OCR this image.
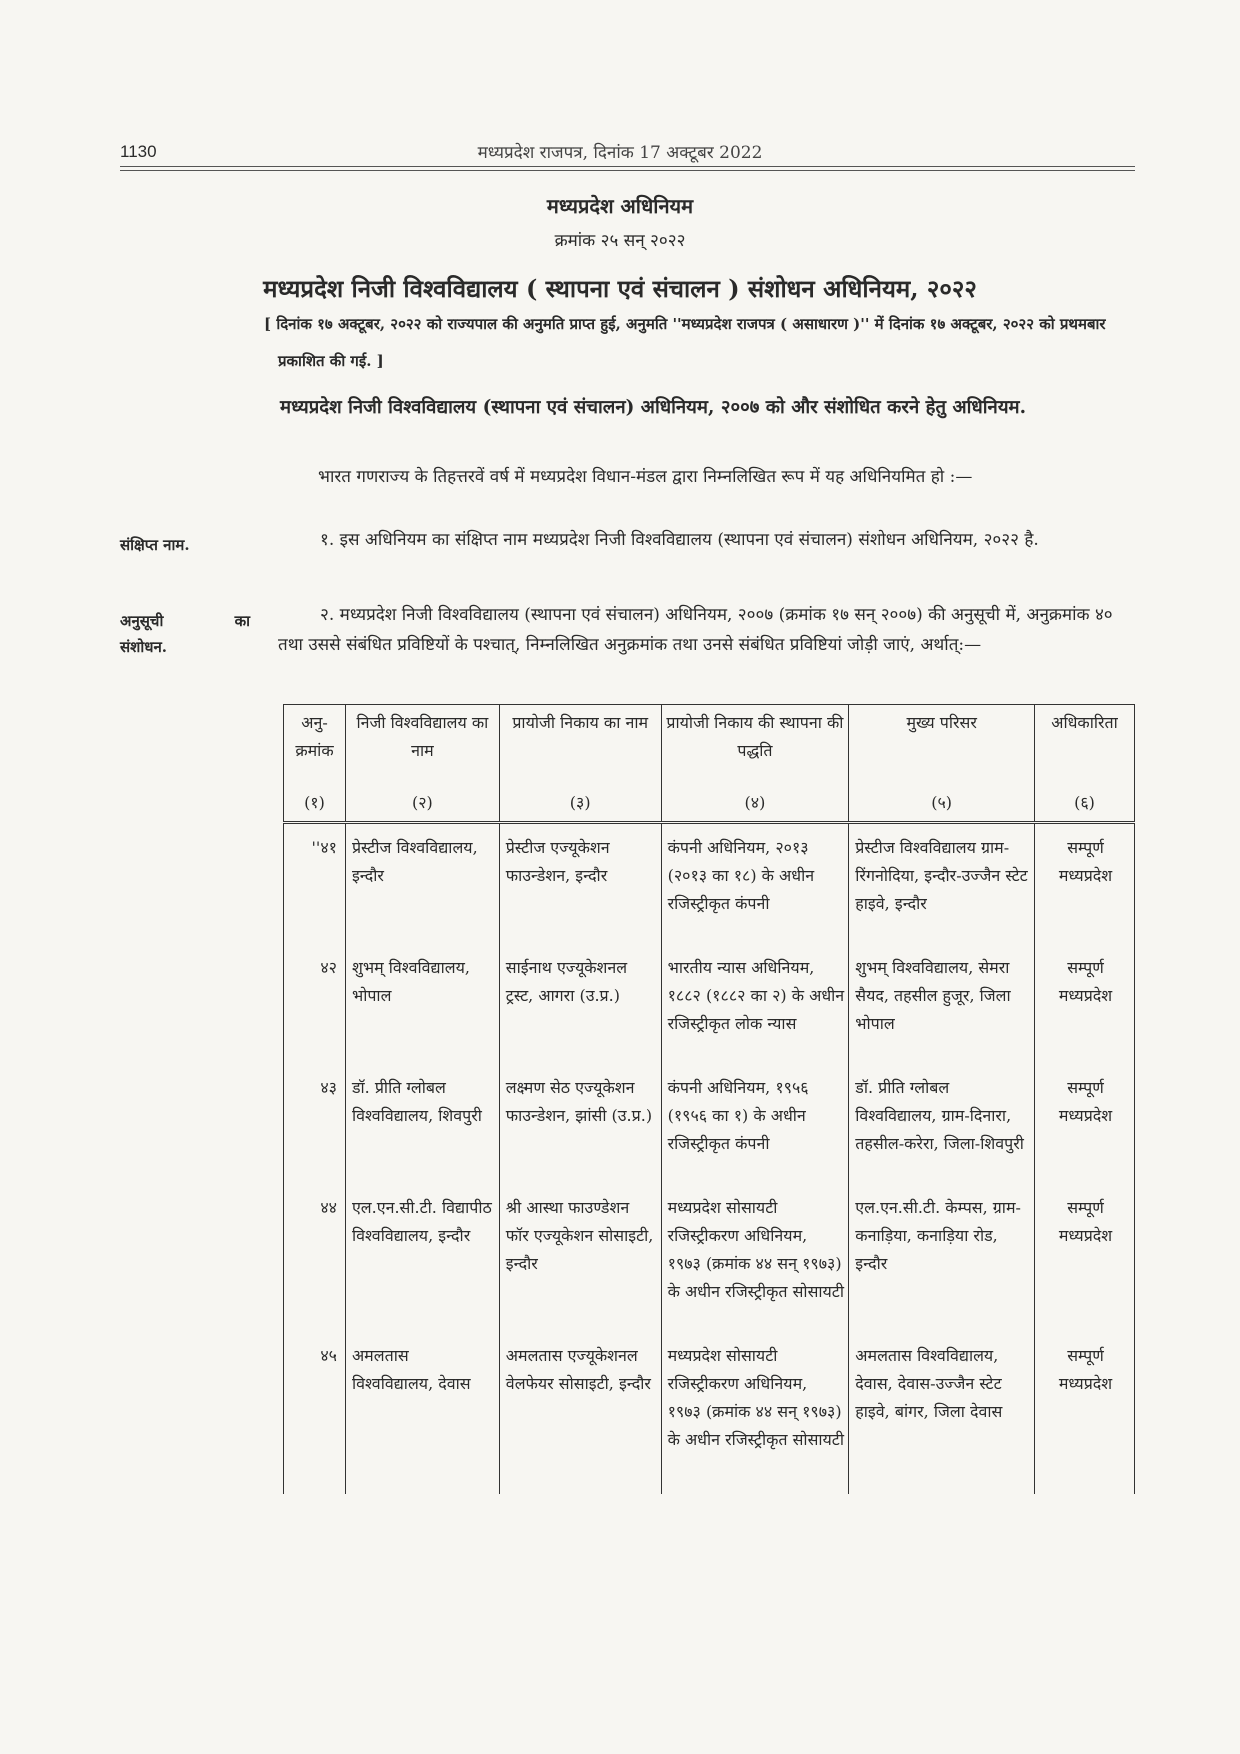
1130	मध्यप्रदेश राजपत्र, दिनांक 17 अक्टूबर 2022
मध्यप्रदेश अधिनियम
क्रमांक २५ सन् २०२२
मध्यप्रदेश निजी विश्वविद्यालय ( स्थापना एवं संचालन ) संशोधन अधिनियम, २०२२
[ दिनांक १७ अक्टूबर, २०२२ को राज्यपाल की अनुमति प्राप्त हुई, अनुमति ''मध्यप्रदेश राजपत्र ( असाधारण )'' में दिनांक १७ अक्टूबर, २०२२ को प्रथमबार प्रकाशित की गई. ]
मध्यप्रदेश निजी विश्वविद्यालय (स्थापना एवं संचालन) अधिनियम, २००७ को और संशोधित करने हेतु अधिनियम.
भारत गणराज्य के तिहत्तरवें वर्ष में मध्यप्रदेश विधान-मंडल द्वारा निम्नलिखित रूप में यह अधिनियमित हो :—
संक्षिप्त नाम.	१. इस अधिनियम का संक्षिप्त नाम मध्यप्रदेश निजी विश्वविद्यालय (स्थापना एवं संचालन) संशोधन अधिनियम, २०२२ है.
अनुसूची	का
संशोधन.
२. मध्यप्रदेश निजी विश्वविद्यालय (स्थापना एवं संचालन) अधिनियम, २००७ (क्रमांक १७ सन् २००७) की अनुसूची में, अनुक्रमांक ४० तथा उससे संबंधित प्रविष्टियों के पश्चात्, निम्नलिखित अनुक्रमांक तथा उनसे संबंधित प्रविष्टियां जोड़ी जाएं, अर्थात्:—
अनु-क्रमांक	निजी विश्वविद्यालय का नाम	प्रायोजी निकाय का नाम	प्रायोजी निकाय की स्थापना की पद्धति	मुख्य परिसर	अधिकारिता
(१)	(२)	(३)	(४)	(५)	(६)
''४१	प्रेस्टीज विश्वविद्यालय, इन्दौर	प्रेस्टीज एज्यूकेशन फाउन्डेशन, इन्दौर	कंपनी अधिनियम, २०१३ (२०१३ का १८) के अधीन रजिस्ट्रीकृत कंपनी	प्रेस्टीज विश्वविद्यालय ग्राम- रिंगनोदिया, इन्दौर-उज्जैन स्टेट हाइवे, इन्दौर	सम्पूर्ण मध्यप्रदेश
४२	शुभम् विश्वविद्यालय, भोपाल	साईनाथ एज्यूकेशनल ट्रस्ट, आगरा (उ.प्र.)	भारतीय न्यास अधिनियम, १८८२ (१८८२ का २) के अधीन रजिस्ट्रीकृत लोक न्यास	शुभम् विश्वविद्यालय, सेमरा सैयद, तहसील हुजूर, जिला भोपाल	सम्पूर्ण मध्यप्रदेश
४३	डॉ. प्रीति ग्लोबल विश्वविद्यालय, शिवपुरी	लक्ष्मण सेठ एज्यूकेशन फाउन्डेशन, झांसी (उ.प्र.)	कंपनी अधिनियम, १९५६ (१९५६ का १) के अधीन रजिस्ट्रीकृत कंपनी	डॉ. प्रीति ग्लोबल विश्वविद्यालय, ग्राम-दिनारा, तहसील-करेरा, जिला-शिवपुरी	सम्पूर्ण मध्यप्रदेश
४४	एल.एन.सी.टी. विद्यापीठ विश्वविद्यालय, इन्दौर	श्री आस्था फाउण्डेशन फॉर एज्यूकेशन सोसाइटी, इन्दौर	मध्यप्रदेश सोसायटी रजिस्ट्रीकरण अधिनियम, १९७३ (क्रमांक ४४ सन् १९७३) के अधीन रजिस्ट्रीकृत सोसायटी	एल.एन.सी.टी. केम्पस, ग्राम-कनाड़िया, कनाड़िया रोड, इन्दौर	सम्पूर्ण मध्यप्रदेश
४५	अमलतास विश्वविद्यालय, देवास	अमलतास एज्यूकेशनल वेलफेयर सोसाइटी, इन्दौर	मध्यप्रदेश सोसायटी रजिस्ट्रीकरण अधिनियम, १९७३ (क्रमांक ४४ सन् १९७३) के अधीन रजिस्ट्रीकृत सोसायटी	अमलतास विश्वविद्यालय, देवास, देवास-उज्जैन स्टेट हाइवे, बांगर, जिला देवास	सम्पूर्ण मध्यप्रदेश
